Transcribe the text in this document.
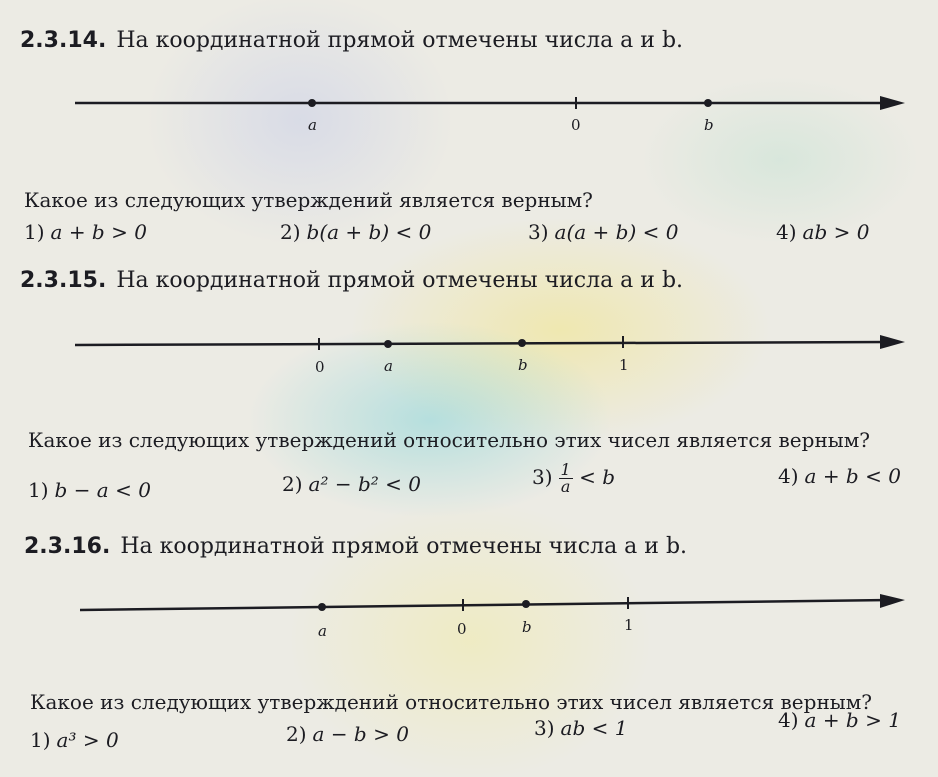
2.3.14. На координатной прямой отмечены числа a и b.
a	0	b
Какое из следующих утверждений является верным?
1) a + b > 0	2) b(a + b) < 0	3) a(a + b) < 0	4) ab > 0
2.3.15. На координатной прямой отмечены числа a и b.
0	a	b	1
Какое из следующих утверждений относительно этих чисел является верным?
1) b − a < 0	2) a² − b² < 0	$3) \frac{1}{a} < b$	4) a + b < 0
2.3.16. На координатной прямой отмечены числа a и b.
a	0	b	1
Какое из следующих утверждений относительно этих чисел является верным?
1) a³ > 0	2) a − b > 0	3) ab < 1	4) a + b > 1
